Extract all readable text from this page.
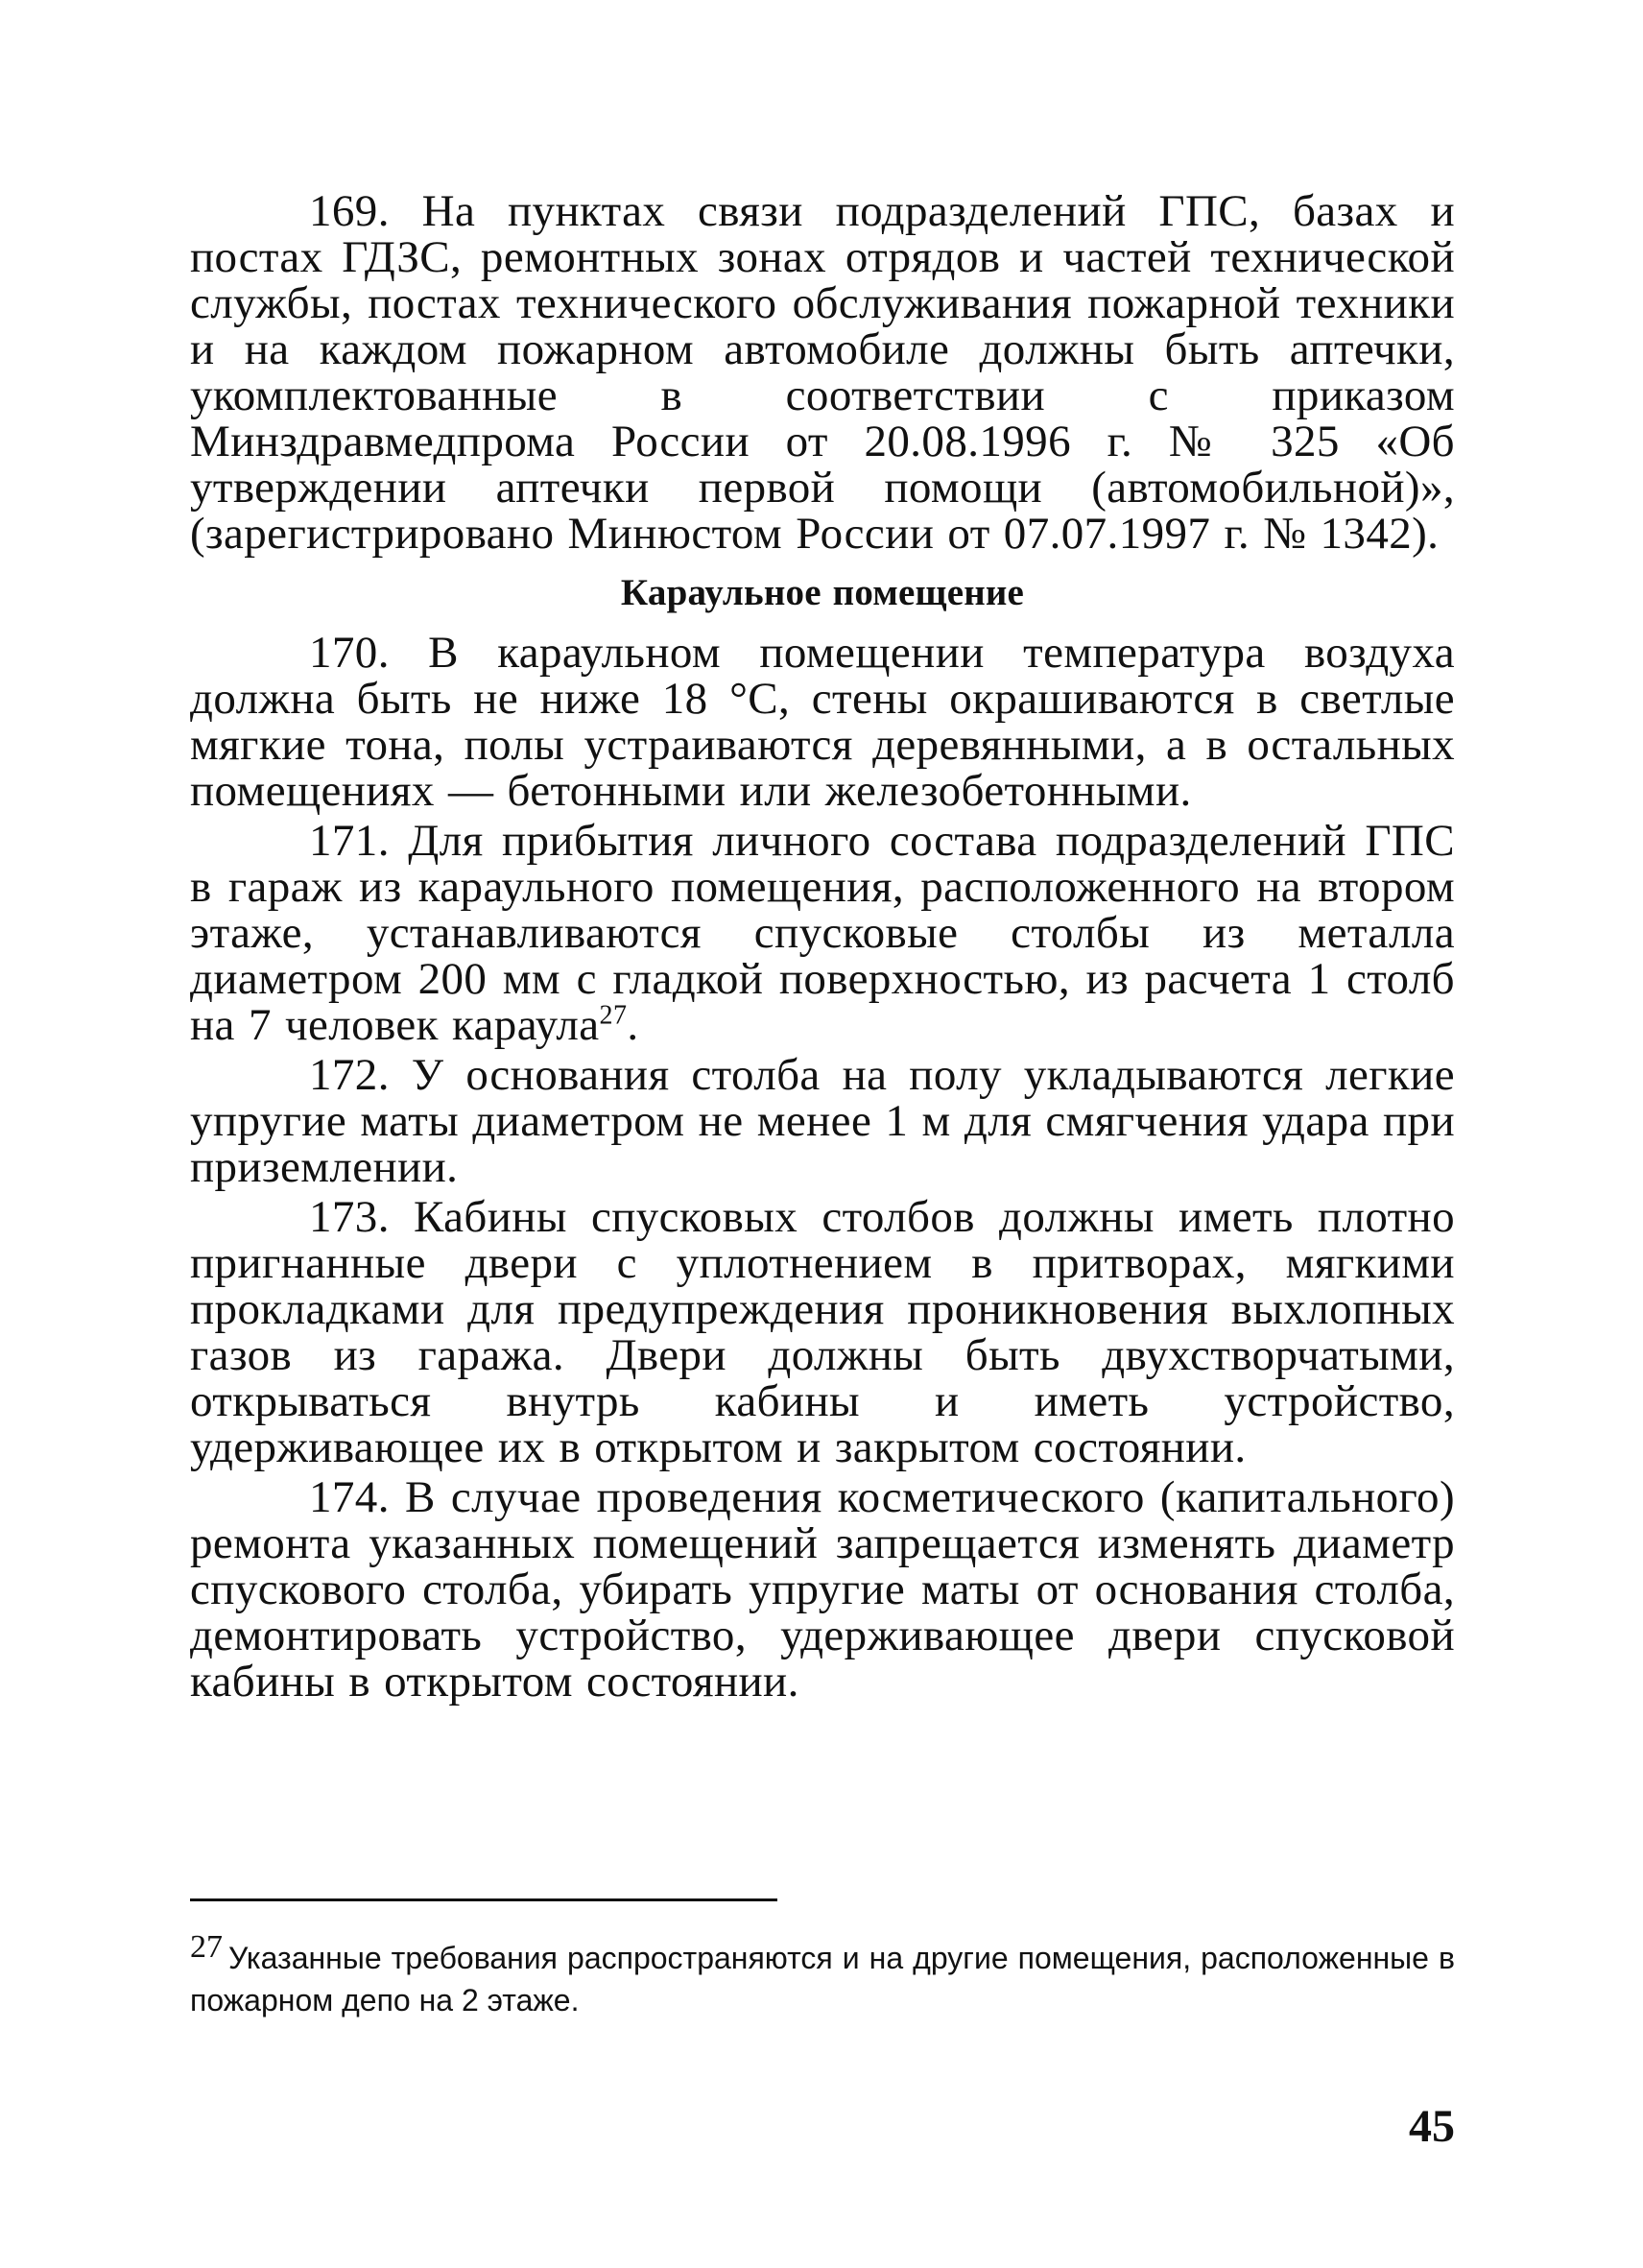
169. На пунктах связи подразделений ГПС, базах и постах ГДЗС, ремонтных зонах отрядов и частей технической службы, постах технического обслуживания пожарной техники и на каждом пожарном автомобиле должны быть аптечки, укомплектованные в соответствии с приказом Минздравмедпрома России от 20.08.1996 г. № 325 «Об утверждении аптечки первой помощи (автомобильной)», (зарегистрировано Минюстом России от 07.07.1997 г. № 1342).

Караульное помещение

170. В караульном помещении температура воздуха должна быть не ниже 18 °С, стены окрашиваются в светлые мягкие тона, полы устраиваются деревянными, а в остальных помещениях — бетонными или железобетонными.

171. Для прибытия личного состава подразделений ГПС в гараж из караульного помещения, расположенного на втором этаже, устанавливаются спусковые столбы из металла диаметром 200 мм с гладкой поверхностью, из расчета 1 столб на 7 человек караула$^{27}$.

172. У основания столба на полу укладываются легкие упругие маты диаметром не менее 1 м для смягчения удара при приземлении.

173. Кабины спусковых столбов должны иметь плотно пригнанные двери с уплотнением в притворах, мягкими прокладками для предупреждения проникновения выхлопных газов из гаража. Двери должны быть двухстворчатыми, открываться внутрь кабины и иметь устройство, удерживающее их в открытом и закрытом состоянии.

174. В случае проведения косметического (капитального) ремонта указанных помещений запрещается изменять диаметр спускового столба, убирать упругие маты от основания столба, демонтировать устройство, удерживающее двери спусковой кабины в открытом состоянии.

27 Указанные требования распространяются и на другие помещения, расположенные в пожарном депо на 2 этаже.
45
